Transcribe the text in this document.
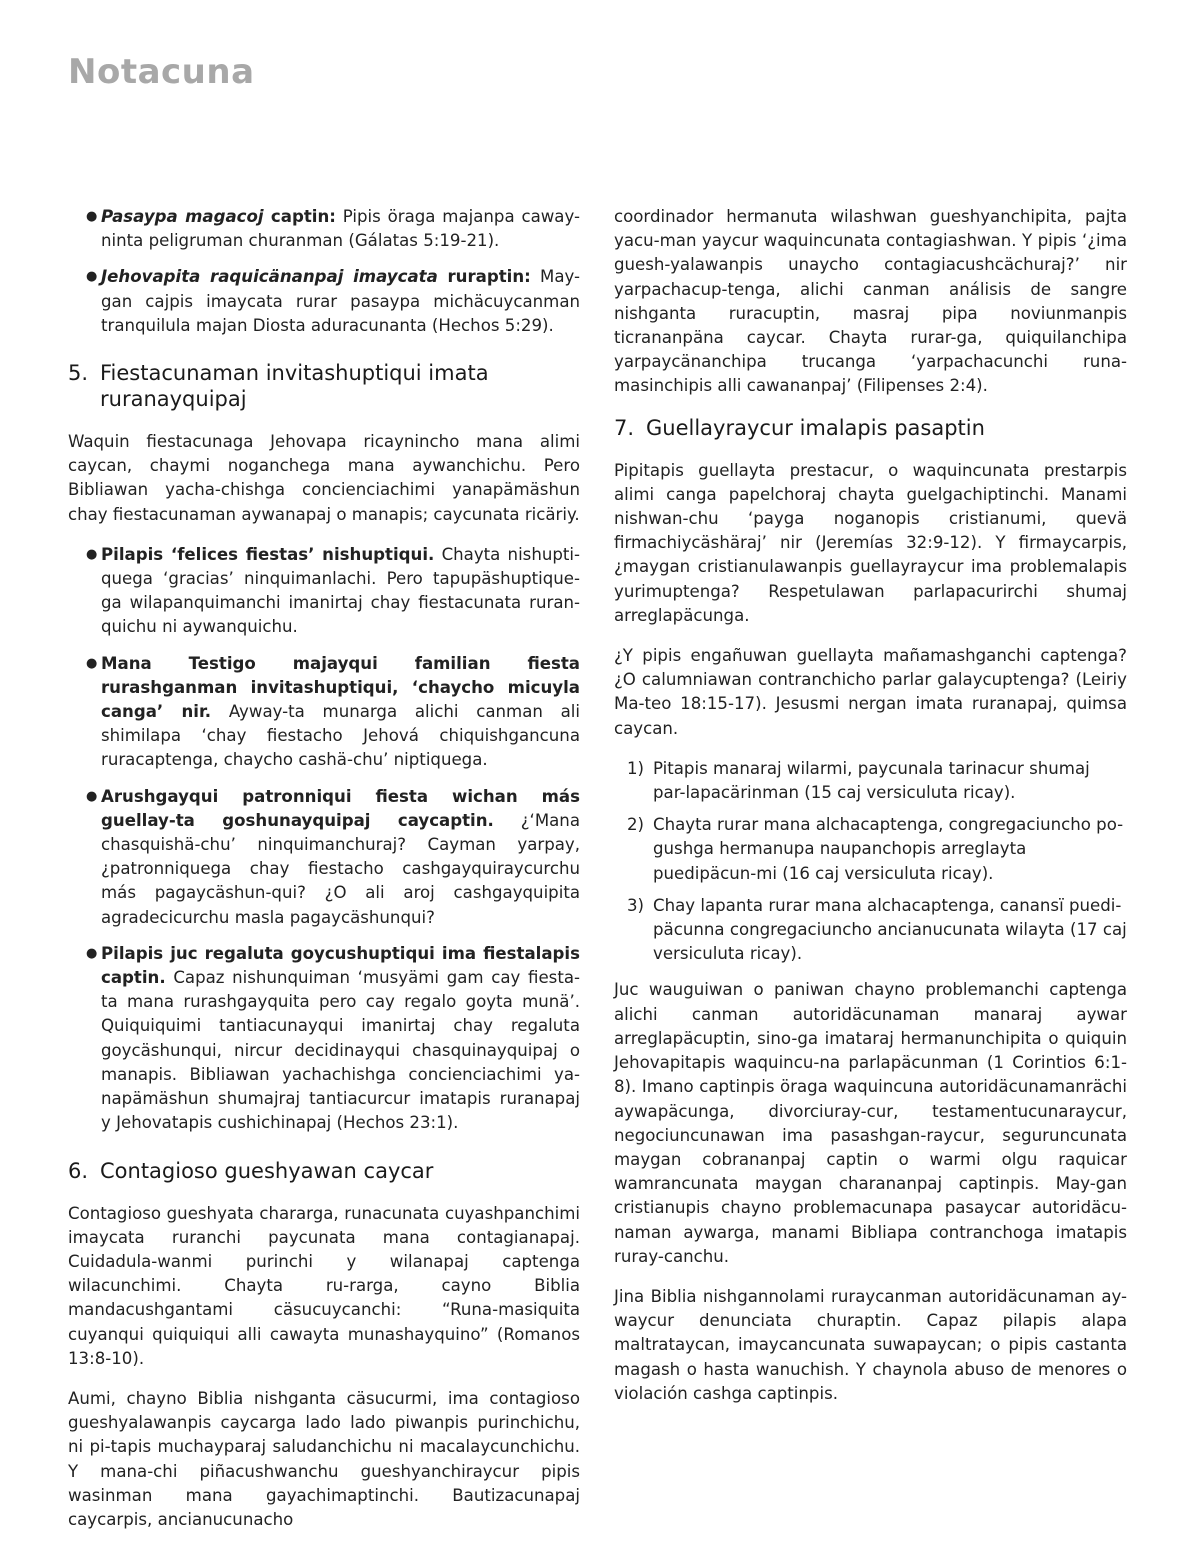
Notacuna
● Pasaypa magacoj captin: Pipis öraga majanpa caway-ninta peligruman churanman (Gálatas 5:19-21).
● Jehovapita raquicänanpaj imaycata ruraptin: May-gan cajpis imaycata rurar pasaypa michäcuycanman tranquilula majan Diosta aduracunanta (Hechos 5:29).
5. Fiestacunaman invitashuptiqui imata ruranayquipaj

Waquin fiestacunaga Jehovapa ricaynincho mana alimi caycan, chaymi noganchega mana aywanchichu. Pero Bibliawan yacha-chishga concienciachimi yanapämäshun chay fiestacunaman aywanapaj o manapis; caycunata ricäriy.

● Pilapis ‘felices fiestas’ nishuptiqui. Chayta nishupti-quega ‘gracias’ ninquimanlachi. Pero tapupäshuptique-ga wilapanquimanchi imanirtaj chay fiestacunata ruran-quichu ni aywanquichu.
● Mana Testigo majayqui familian fiesta rurashganman invitashuptiqui, ‘chaycho micuyla canga’ nir. Ayway-ta munarga alichi canman ali shimilapa ‘chay fiestacho Jehová chiquishgancuna ruracaptenga, chaycho cashä-chu’ niptiquega.
● Arushgayqui patronniqui fiesta wichan más guellay-ta goshunayquipaj caycaptin. ¿‘Mana chasquishä-chu’ ninquimanchuraj? Cayman yarpay, ¿patronniquega chay fiestacho cashgayquiraycurchu más pagaycäshun-qui? ¿O ali aroj cashgayquipita agradecicurchu masla pagaycäshunqui?
● Pilapis juc regaluta goycushuptiqui ima fiestalapis captin. Capaz nishunquiman ‘musyämi gam cay fiesta-ta mana rurashgayquita pero cay regalo goyta munä’. Quiquiquimi tantiacunayqui imanirtaj chay regaluta goycäshunqui, nircur decidinayqui chasquinayquipaj o manapis. Bibliawan yachachishga concienciachimi ya-napämäshun shumajraj tantiacurcur imatapis ruranapaj y Jehovatapis cushichinapaj (Hechos 23:1).
6. Contagioso gueshyawan caycar

Contagioso gueshyata chararga, runacunata cuyashpanchimi imaycata ruranchi paycunata mana contagianapaj. Cuidadula-wanmi purinchi y wilanapaj captenga wilacunchimi. Chayta ru-rarga, cayno Biblia mandacushgantami cäsucuycanchi: “Runa-masiquita cuyanqui quiquiqui alli cawayta munashayquino” (Romanos 13:8-10).

Aumi, chayno Biblia nishganta cäsucurmi, ima contagioso gueshyalawanpis caycarga lado lado piwanpis purinchichu, ni pi-tapis muchayparaj saludanchichu ni macalaycunchichu. Y mana-chi piñacushwanchu gueshyanchiraycur pipis wasinman mana gayachimaptinchi. Bautizacunapaj caycarpis, ancianucunacho

coordinador hermanuta wilashwan gueshyanchipita, pajta yacu-man yaycur waquincunata contagiashwan. Y pipis ‘¿ima guesh-yalawanpis unaycho contagiacushcächuraj?’ nir yarpachacup-tenga, alichi canman análisis de sangre nishganta ruracuptin, masraj pipa noviunmanpis ticrananpäna caycar. Chayta rurar-ga, quiquilanchipa yarpaycänanchipa trucanga ‘yarpachacunchi runa-masinchipis alli cawananpaj’ (Filipenses 2:4).

7. Guellayraycur imalapis pasaptin

Pipitapis guellayta prestacur, o waquincunata prestarpis alimi canga papelchoraj chayta guelgachiptinchi. Manami nishwan-chu ‘payga noganopis cristianumi, quevä firmachiycäshäraj’ nir (Jeremías 32:9-12). Y firmaycarpis, ¿maygan cristianulawanpis guellayraycur ima problemalapis yurimuptenga? Respetulawan parlapacurirchi shumaj arreglapäcunga.

¿Y pipis engañuwan guellayta mañamashganchi captenga? ¿O calumniawan contranchicho parlar galaycuptenga? (Leiriy Ma-teo 18:15-17). Jesusmi nergan imata ruranapaj, quimsa caycan.

1) Pitapis manaraj wilarmi, paycunala tarinacur shumaj par-lapacärinman (15 caj versiculuta ricay).
2) Chayta rurar mana alchacaptenga, congregaciuncho po-gushga hermanupa naupanchopis arreglayta puedipäcun-mi (16 caj versiculuta ricay).
3) Chay lapanta rurar mana alchacaptenga, canansï puedi-päcunna congregaciuncho ancianucunata wilayta (17 caj versiculuta ricay).

Juc wauguiwan o paniwan chayno problemanchi captenga alichi canman autoridäcunaman manaraj aywar arreglapäcuptin, sino-ga imataraj hermanunchipita o quiquin Jehovapitapis waquincu-na parlapäcunman (1 Corintios 6:1-8). Imano captinpis öraga waquincuna autoridäcunamanrächi aywapäcunga, divorciuray-cur, testamentucunaraycur, negociuncunawan ima pasashgan-raycur, seguruncunata maygan cobrananpaj captin o warmi olgu raquicar wamrancunata maygan charananpaj captinpis. May-gan cristianupis chayno problemacunapa pasaycar autoridäcu-naman aywarga, manami Bibliapa contranchoga imatapis ruray-canchu.

Jina Biblia nishgannolami ruraycanman autoridäcunaman ay-waycur denunciata churaptin. Capaz pilapis alapa maltrataycan, imaycancunata suwapaycan; o pipis castanta magash o hasta wanuchish. Y chaynola abuso de menores o violación cashga captinpis.
